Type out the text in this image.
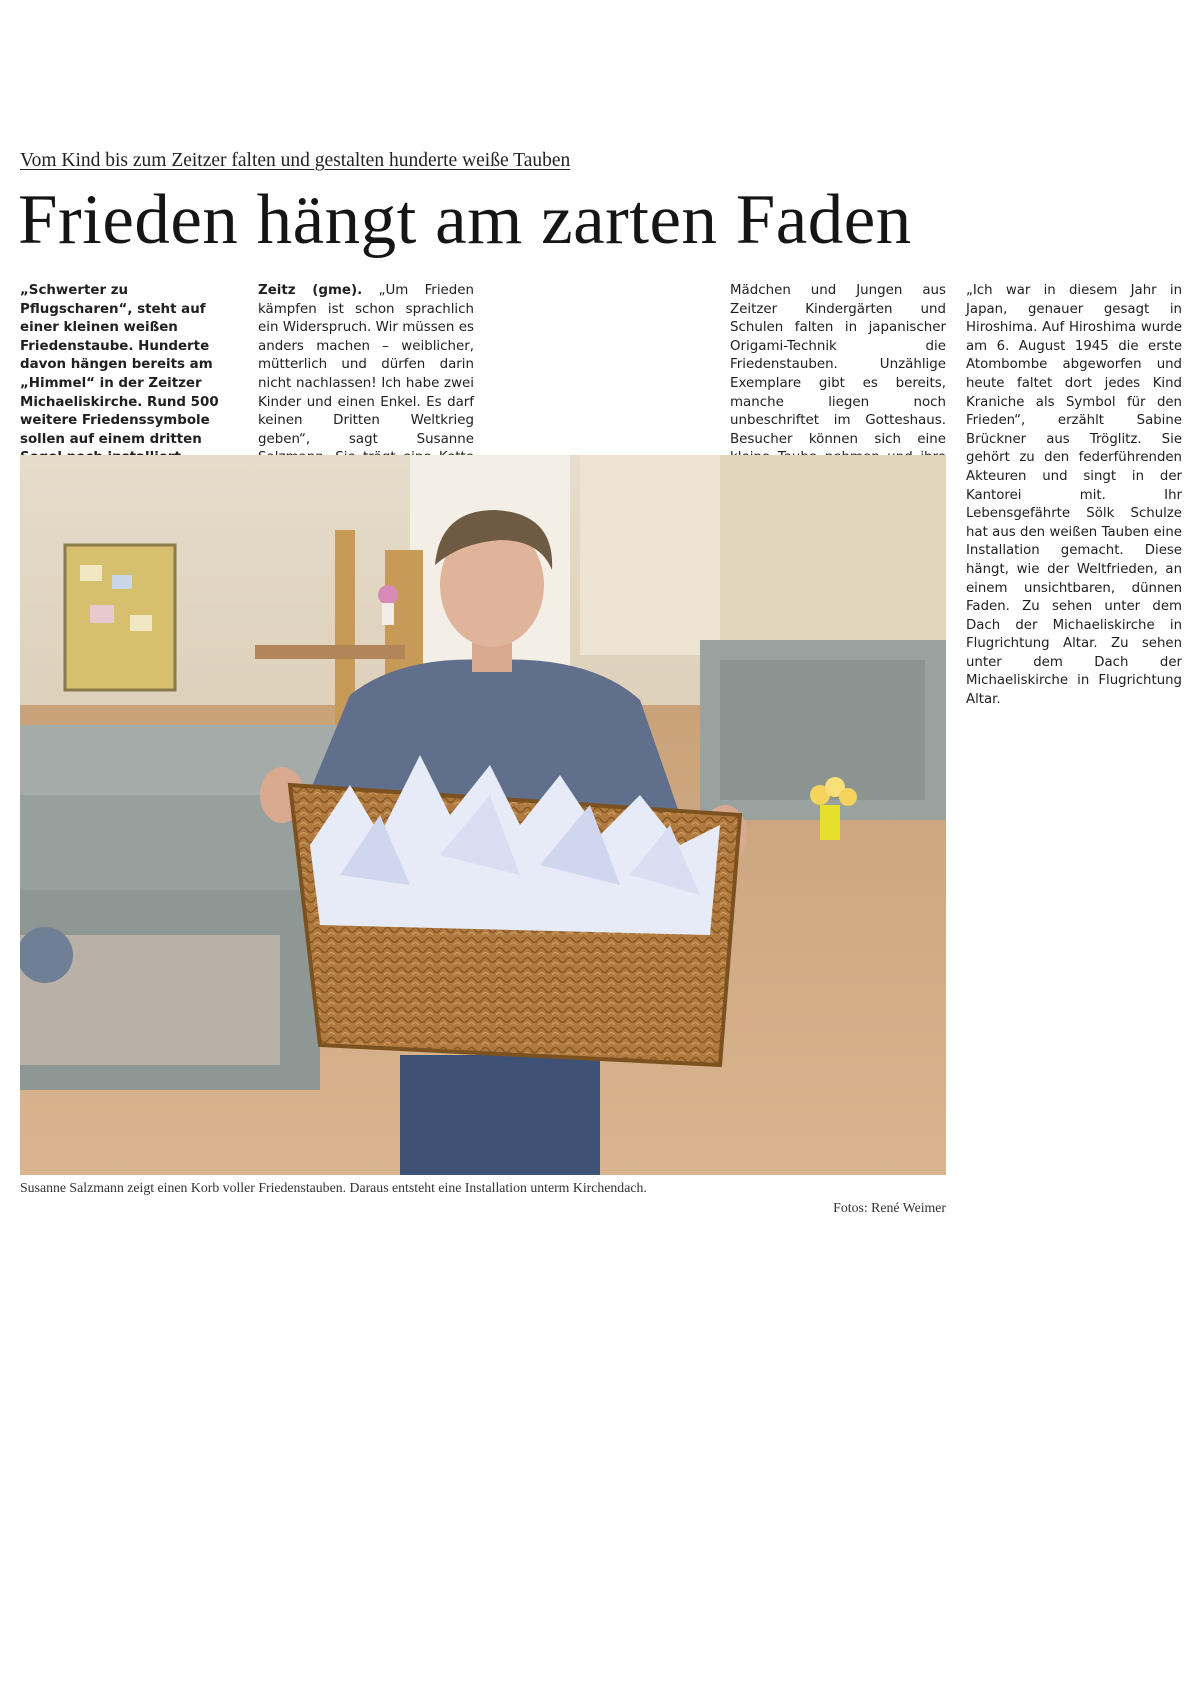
Vom Kind bis zum Zeitzer falten und gestalten hunderte weiße Tauben
Frieden hängt am zarten Faden

„Schwerter zu Pflugscharen“, steht auf einer kleinen weißen Friedenstaube. Hunderte davon hängen bereits am „Himmel“ in der Zeitzer Michaeliskirche. Rund 500 weitere Friedenssymbole sollen auf einem dritten

Zeitz (gme). „Um Frieden kämpfen ist schon sprachlich ein Widerspruch. Wir müssen es anders machen – weiblicher, mütterlich und dürfen darin nicht nachlassen! Ich habe zwei Kinder und einen Enkel. Es darf keinen Dritten Weltkrieg geben“, sagt Susanne

Mädchen und Jungen aus Zeitzer Kindergärten und Schulen falten in japanischer Origami-Technik die Friedenstauben. Unzählige Exemplare gibt es bereits, manche liegen noch unbeschriftet im Gotteshaus. Besucher können sich eine

„Ich war in diesem Jahr in Japan, genauer gesagt in Hiroshima. Auf Hiroshima wurde am 6. August 1945 die erste Atombombe abgeworfen und heute faltet dort jedes Kind Kraniche als Symbol für den Frieden“, erzählt Sabine Brückner aus Tröglitz. Sie gehört zu den federführenden Akteuren und singt in der Kantorei mit. Ihr Lebensgefährte Sölk Schulze hat aus den weißen Tauben eine Installation gemacht. Diese hängt, wie der Weltfrieden, an einem unsichtbaren, dünnen Faden. Zu sehen unter dem Dach der Michaeliskirche in Flugrichtung Altar. Zu sehen unter dem Dach der Michaeliskirche in Flugrichtung Altar.

Susanne Salzmann zeigt einen Korb voller Friedenstauben. Daraus entsteht eine Installation unterm Kirchendach.
Fotos: René Weimer
